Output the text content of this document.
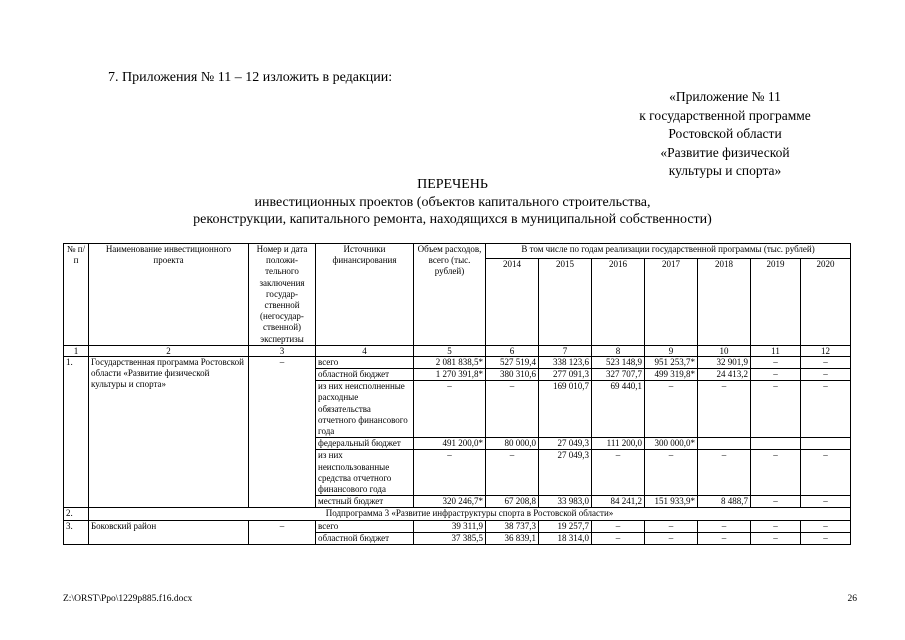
7. Приложения № 11 – 12 изложить в редакции:
«Приложение № 11
к государственной программе
Ростовской области
«Развитие физической
культуры и спорта»
ПЕРЕЧЕНЬ
инвестиционных проектов (объектов капитального строительства,
реконструкции, капитального ремонта, находящихся в муниципальной собственности)
№ п/п	Наименование инвестиционного проекта	Номер и дата положи-тельного заключения государ-ственной (негосудар-ственной) экспертизы	Источники финансирования	Объем расходов, всего (тыс. рублей)	В том числе по годам реализации государственной программы (тыс. рублей)						
					2014	2015	2016	2017	2018	2019	2020
1	2	3	4	5	6	7	8	9	10	11	12
1.	Государственная программа Ростовской области «Развитие физической культуры и спорта»	–	всего	2 081 838,5*	527 519,4	338 123,6	523 148,9	951 253,7*	32 901,9	–	–
			областной бюджет	1 270 391,8*	380 310,6	277 091,3	327 707,7	499 319,8*	24 413,2	–	–
			из них неисполненные расходные обязательства отчетного финансового года	–	–	169 010,7	69 440,1	–	–	–	–
			федеральный бюджет	491 200,0*	80 000,0	27 049,3	111 200,0	300 000,0*			
			из них неиспользованные средства отчетного финансового года	–	–	27 049,3	–	–	–	–	–
			местный бюджет	320 246,7*	67 208,8	33 983,0	84 241,2	151 933,9*	8 488,7	–	–
2.	Подпрограмма 3 «Развитие инфраструктуры спорта в Ростовской области»										
3.	Боковский район	–	всего	39 311,9	38 737,3	19 257,7	–	–	–	–	–
			областной бюджет	37 385,5	36 839,1	18 314,0	–	–	–	–	–
Z:\ORST\Ppo\1229p885.f16.docx	26
